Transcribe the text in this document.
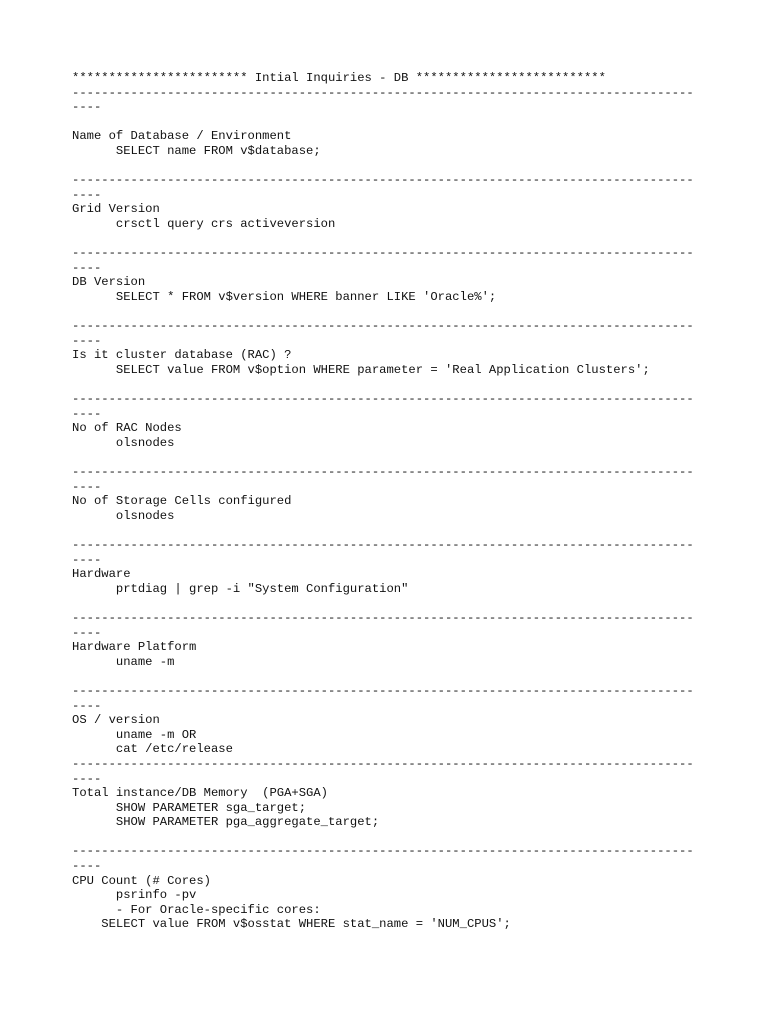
************************ Intial Inquiries - DB **************************
-------------------------------------------------------------------------------------
----
Name of Database / Environment
SELECT name FROM v$database;
-------------------------------------------------------------------------------------
----
Grid Version
crsctl query crs activeversion
-------------------------------------------------------------------------------------
----
DB Version
SELECT * FROM v$version WHERE banner LIKE 'Oracle%';
-------------------------------------------------------------------------------------
----
Is it cluster database (RAC) ?
SELECT value FROM v$option WHERE parameter = 'Real Application Clusters';
-------------------------------------------------------------------------------------
----
No of RAC Nodes
olsnodes
-------------------------------------------------------------------------------------
----
No of Storage Cells configured
olsnodes
-------------------------------------------------------------------------------------
----
Hardware
prtdiag | grep -i "System Configuration"
-------------------------------------------------------------------------------------
----
Hardware Platform
uname -m
-------------------------------------------------------------------------------------
----
OS / version
uname -m OR
cat /etc/release
-------------------------------------------------------------------------------------
----
Total instance/DB Memory  (PGA+SGA)
SHOW PARAMETER sga_target;
SHOW PARAMETER pga_aggregate_target;
-------------------------------------------------------------------------------------
----
CPU Count (# Cores)
psrinfo -pv
- For Oracle-specific cores:
SELECT value FROM v$osstat WHERE stat_name = 'NUM_CPUS';
